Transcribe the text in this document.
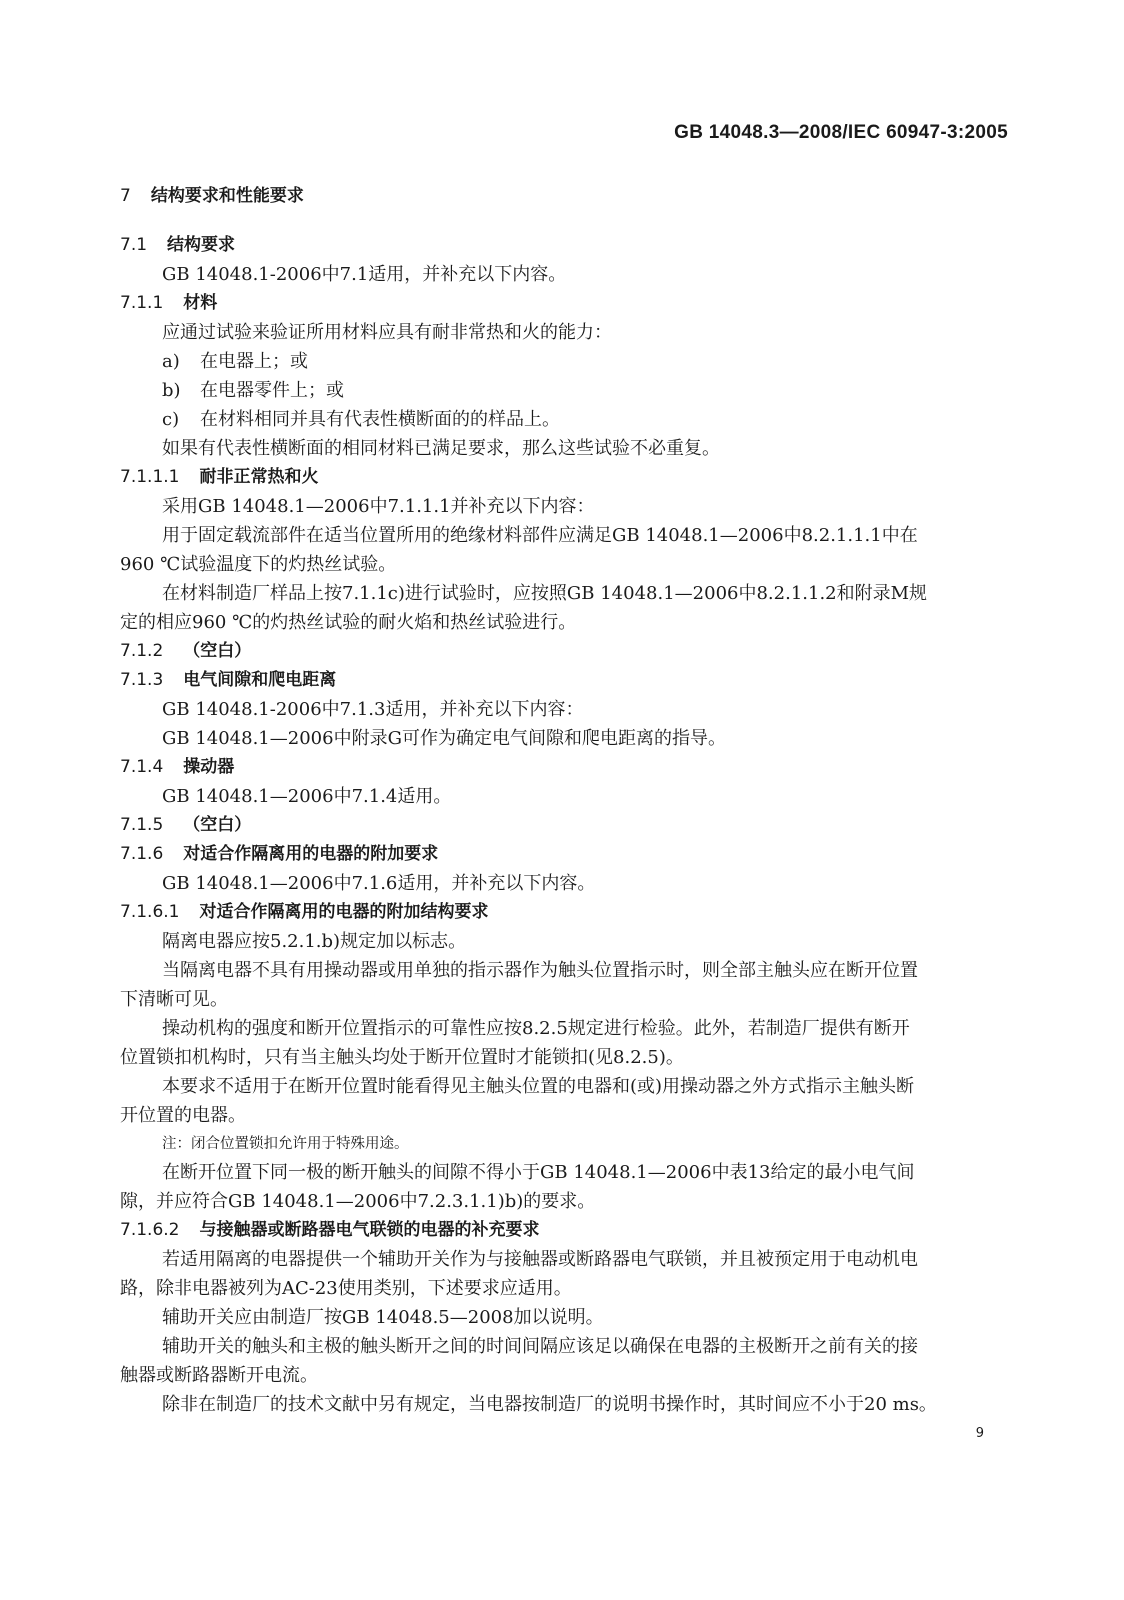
GB 14048.3—2008/IEC 60947-3:2005
7 结构要求和性能要求
7.1 结构要求
GB 14048.1-2006中7.1适用，并补充以下内容。
7.1.1 材料
应通过试验来验证所用材料应具有耐非常热和火的能力：
a) 在电器上；或
b) 在电器零件上；或
c) 在材料相同并具有代表性横断面的的样品上。
如果有代表性横断面的相同材料已满足要求，那么这些试验不必重复。
7.1.1.1 耐非正常热和火
采用GB 14048.1—2006中7.1.1.1并补充以下内容：
用于固定载流部件在适当位置所用的绝缘材料部件应满足GB 14048.1—2006中8.2.1.1.1中在
960 ℃试验温度下的灼热丝试验。
在材料制造厂样品上按7.1.1c)进行试验时，应按照GB 14048.1—2006中8.2.1.1.2和附录M规
定的相应960 ℃的灼热丝试验的耐火焰和热丝试验进行。
7.1.2 （空白）
7.1.3 电气间隙和爬电距离
GB 14048.1-2006中7.1.3适用，并补充以下内容：
GB 14048.1—2006中附录G可作为确定电气间隙和爬电距离的指导。
7.1.4 操动器
GB 14048.1—2006中7.1.4适用。
7.1.5 （空白）
7.1.6 对适合作隔离用的电器的附加要求
GB 14048.1—2006中7.1.6适用，并补充以下内容。
7.1.6.1 对适合作隔离用的电器的附加结构要求
隔离电器应按5.2.1.b)规定加以标志。
当隔离电器不具有用操动器或用单独的指示器作为触头位置指示时，则全部主触头应在断开位置
下清晰可见。
操动机构的强度和断开位置指示的可靠性应按8.2.5规定进行检验。此外，若制造厂提供有断开
位置锁扣机构时，只有当主触头均处于断开位置时才能锁扣(见8.2.5)。
本要求不适用于在断开位置时能看得见主触头位置的电器和(或)用操动器之外方式指示主触头断
开位置的电器。
注：闭合位置锁扣允许用于特殊用途。
在断开位置下同一极的断开触头的间隙不得小于GB 14048.1—2006中表13给定的最小电气间
隙，并应符合GB 14048.1—2006中7.2.3.1.1)b)的要求。
7.1.6.2 与接触器或断路器电气联锁的电器的补充要求
若适用隔离的电器提供一个辅助开关作为与接触器或断路器电气联锁，并且被预定用于电动机电
路，除非电器被列为AC-23使用类别，下述要求应适用。
辅助开关应由制造厂按GB 14048.5—2008加以说明。
辅助开关的触头和主极的触头断开之间的时间间隔应该足以确保在电器的主极断开之前有关的接
触器或断路器断开电流。
除非在制造厂的技术文献中另有规定，当电器按制造厂的说明书操作时，其时间应不小于20 ms。
9
